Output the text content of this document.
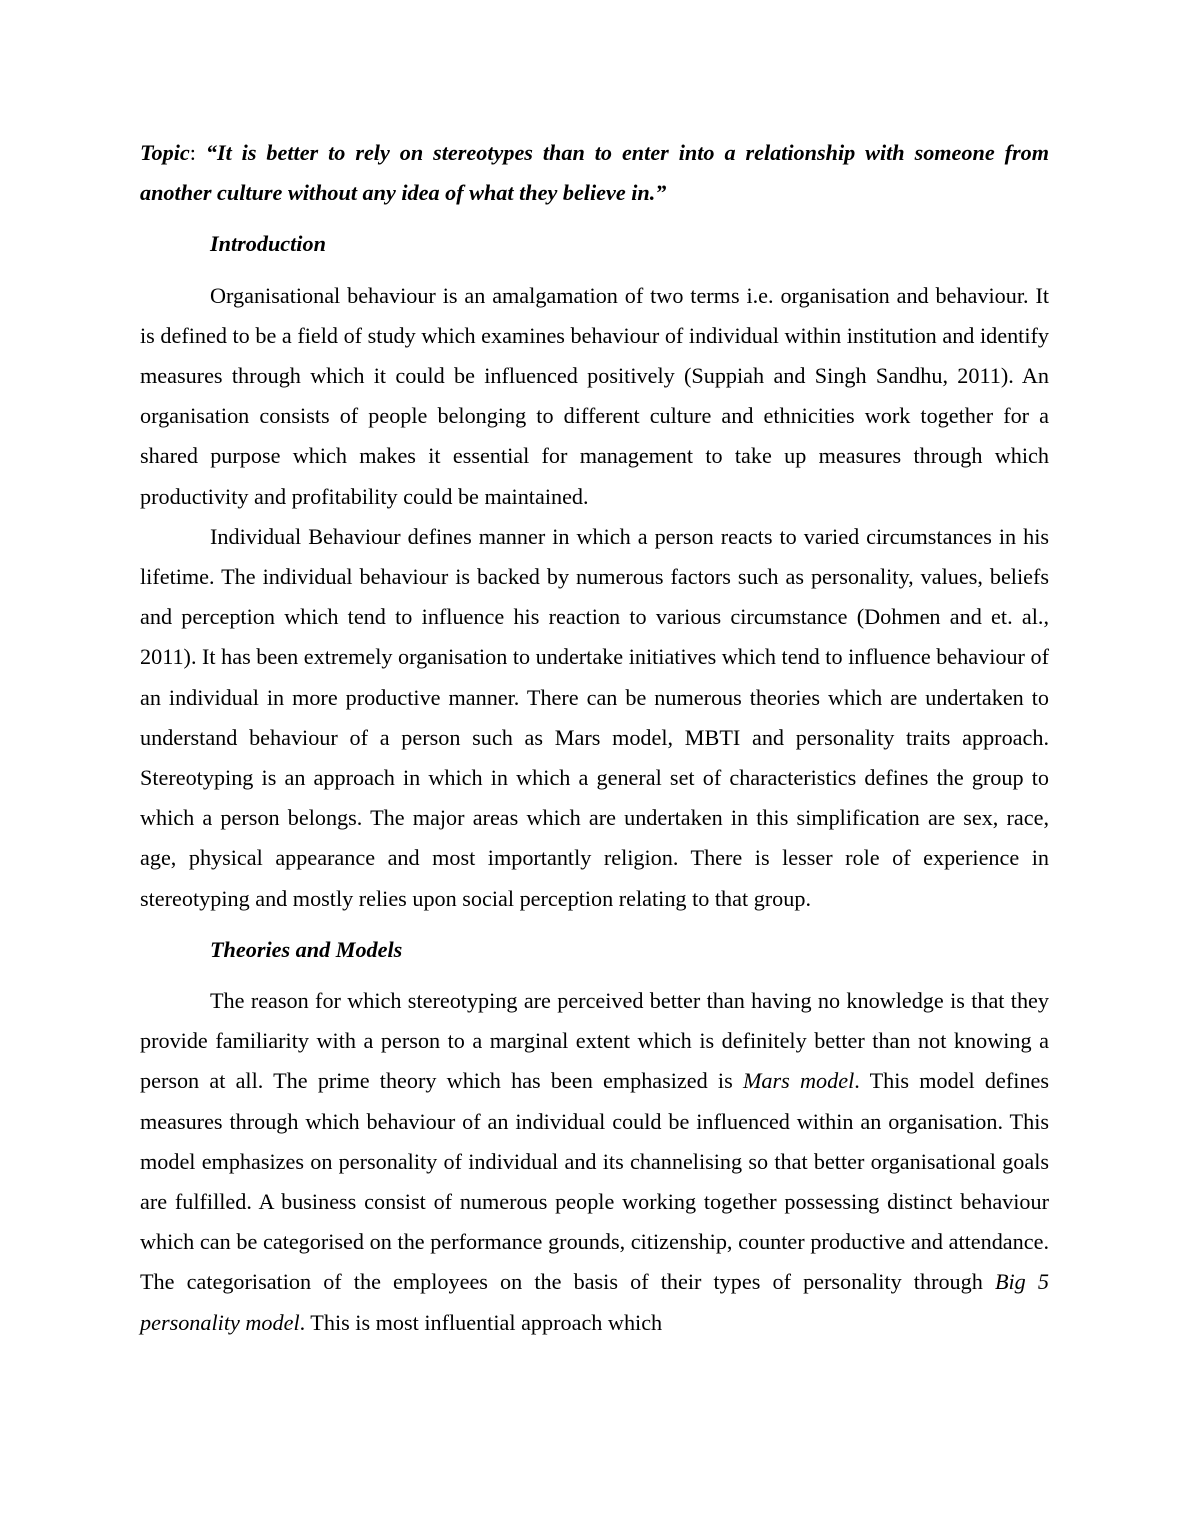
Topic: “It is better to rely on stereotypes than to enter into a relationship with someone from another culture without any idea of what they believe in.”

Introduction

Organisational behaviour is an amalgamation of two terms i.e. organisation and behaviour. It is defined to be a field of study which examines behaviour of individual within institution and identify measures through which it could be influenced positively (Suppiah and Singh Sandhu, 2011). An organisation consists of people belonging to different culture and ethnicities work together for a shared purpose which makes it essential for management to take up measures through which productivity and profitability could be maintained.

Individual Behaviour defines manner in which a person reacts to varied circumstances in his lifetime. The individual behaviour is backed by numerous factors such as personality, values, beliefs and perception which tend to influence his reaction to various circumstance (Dohmen and et. al., 2011). It has been extremely organisation to undertake initiatives which tend to influence behaviour of an individual in more productive manner. There can be numerous theories which are undertaken to understand behaviour of a person such as Mars model, MBTI and personality traits approach. Stereotyping is an approach in which in which a general set of characteristics defines the group to which a person belongs. The major areas which are undertaken in this simplification are sex, race, age, physical appearance and most importantly religion. There is lesser role of experience in stereotyping and mostly relies upon social perception relating to that group.

Theories and Models

The reason for which stereotyping are perceived better than having no knowledge is that they provide familiarity with a person to a marginal extent which is definitely better than not knowing a person at all. The prime theory which has been emphasized is Mars model. This model defines measures through which behaviour of an individual could be influenced within an organisation. This model emphasizes on personality of individual and its channelising so that better organisational goals are fulfilled. A business consist of numerous people working together possessing distinct behaviour which can be categorised on the performance grounds, citizenship, counter productive and attendance. The categorisation of the employees on the basis of their types of personality through Big 5 personality model. This is most influential approach which
